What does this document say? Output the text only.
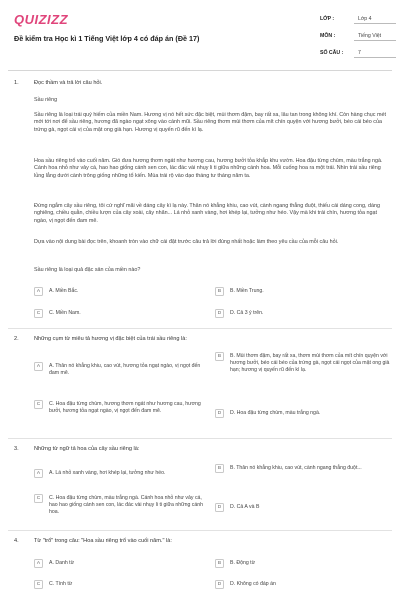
QUIZIZZ
Đề kiểm tra Học kì 1 Tiếng Việt lớp 4 có đáp án (Đề 17)
LỚP :	Lớp 4
MÔN :	Tiếng Việt
SỐ CÂU :	7
1.	Đọc thầm và trả lời câu hỏi.
Sầu riêng
Sầu riêng là loại trái quý hiếm của miền Nam. Hương vị nó hết sức đặc biệt, mùi thơm đậm, bay rất xa, lâu tan trong không khí. Còn hàng chục mét mới tới nơi để sầu riêng, hương đã ngào ngạt xông vào cánh mũi. Sầu riêng thơm mùi thơm của mít chín quyện với hương bưởi, béo cái béo của trứng gà, ngọt cái vị của mật ong già hạn. Hương vị quyến rũ đến kì lạ.
Hoa sầu riêng trổ vào cuối năm. Gió đưa hương thơm ngát như hương cau, hương bưởi tỏa khắp khu vườn. Hoa đậu từng chùm, màu trắng ngà. Cánh hoa nhỏ như vảy cá, hao hao giống cánh sen con, lác đác vài nhụy li ti giữa những cánh hoa. Mỗi cuống hoa ra một trái. Nhìn trái sầu riêng lủng lẳng dưới cành trông giống những tổ kiến. Mùa trái rộ vào dạo tháng tư tháng năm ta.
Đứng ngắm cây sầu riêng, tôi cứ nghĩ mãi về dáng cây kì lạ này. Thân nó khẳng khiu, cao vút, cành ngang thẳng đuột, thiếu cái dáng cong, dáng nghiêng, chiều quằn, chiều lượn của cây xoài, cây nhãn... Lá nhỏ xanh vàng, hơi khép lại, tưởng như héo. Vậy mà khi trái chín, hương tỏa ngạt ngào, vị ngọt đến đam mê.
Dựa vào nội dung bài đọc trên, khoanh tròn vào chữ cái đặt trước câu trả lời đúng nhất hoặc làm theo yêu cầu của mỗi câu hỏi.
Sầu riêng là loại quả đặc sản của miền nào?
A	A. Miền Bắc.	B	B. Miền Trung.
C	C. Miền Nam.	D	D. Cả 3 ý trên.
2.	Những cụm từ miêu tả hương vị đặc biệt của trái sầu riêng là:
A	A. Thân nó khẳng khiu, cao vút, hương tỏa ngạt ngào, vị ngọt đến đam mê.
B	B. Mùi thơm đậm, bay rất xa, thơm mùi thơm của mít chín quyện với hương bưởi, béo cái béo của trứng gà, ngọt cái ngọt của mật ong già hạn; hương vị quyến rũ đến kì lạ.
C	C. Hoa đậu từng chùm, hương thơm ngát như hương cau, hương bưởi, hương tỏa ngạt ngào, vị ngọt đến đam mê.	D	D. Hoa đậu từng chùm, màu trắng ngà.
3.	Những từ ngữ tả hoa của cây sầu riêng là:
A	A. Lá nhỏ xanh vàng, hơi khép lại, tưởng như héo.
B	B. Thân nó khẳng khiu, cao vút, cành ngang thẳng đuột...
C	C. Hoa đậu từng chùm, màu trắng ngà. Cánh hoa nhỏ như vảy cá, hao hao giống cánh sen con, lác đác vài nhụy li ti giữa những cánh hoa.
D	D. Cả A và B
4.	Từ "trổ" trong câu: "Hoa sầu riêng trổ vào cuối năm." là:
A	A. Danh từ	B	B. Động từ
C	C. Tính từ	D	D. Không có đáp án
